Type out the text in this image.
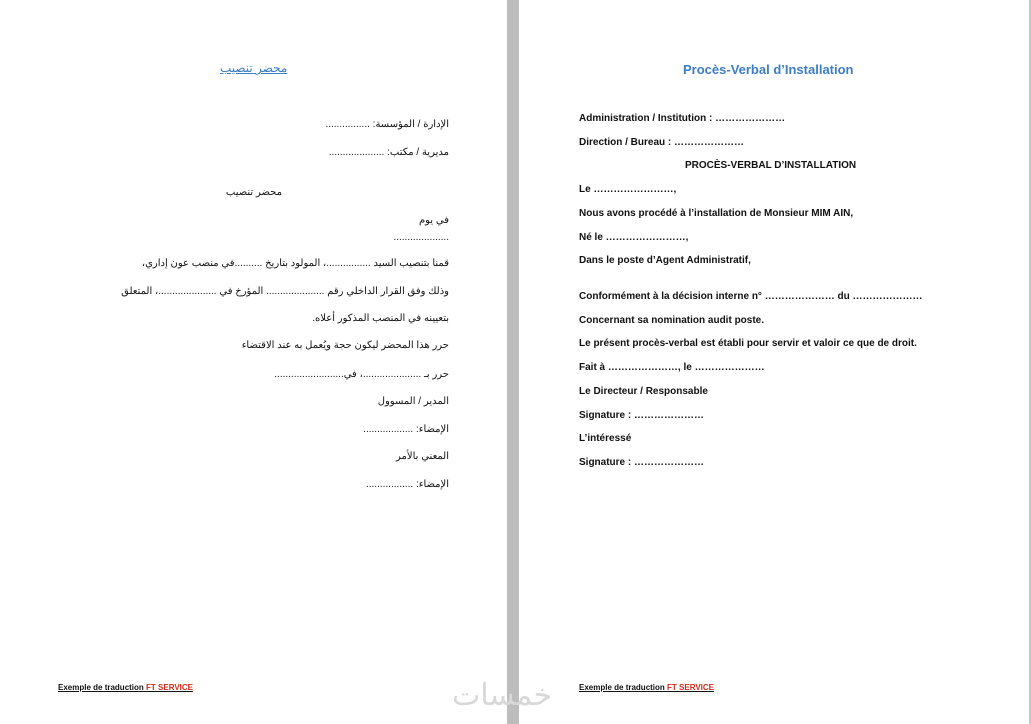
محضر تنصيب
الإدارة / المؤسسة: ................
مديرية / مكتب: ....................
محضر تنصيب
في يوم
....................
قمنا بتنصيب السيد ................، المولود بتاريخ ..........في منصب عون إداري،
وذلك وفق القرار الداخلي رقم ..................... المؤرخ في .....................، المتعلق
بتعيينه في المنصب المذكور أعلاه.
حرر هذا المحضر ليكون حجة ويُعمل به عند الاقتضاء
حرر بـ .....................، في.........................
المدير / المسوول
الإمضاء: ..................
المعني بالأمر
الإمضاء: .................
Exemple de traduction FT SERVICE
Procès-Verbal d’Installation
Administration / Institution : …………………
Direction / Bureau : …………………
PROCÈS-VERBAL D’INSTALLATION
Le ……………………,
Nous avons procédé à l’installation de Monsieur MIM AIN,
Né le ……………………,
Dans le poste d’Agent Administratif,
Conformément à la décision interne n° ………………… du …………………
Concernant sa nomination audit poste.
Le présent procès-verbal est établi pour servir et valoir ce que de droit.
Fait à …………………, le …………………
Le Directeur / Responsable
Signature : …………………
L’intéressé
Signature : …………………
Exemple de traduction FT SERVICE
خمسات
